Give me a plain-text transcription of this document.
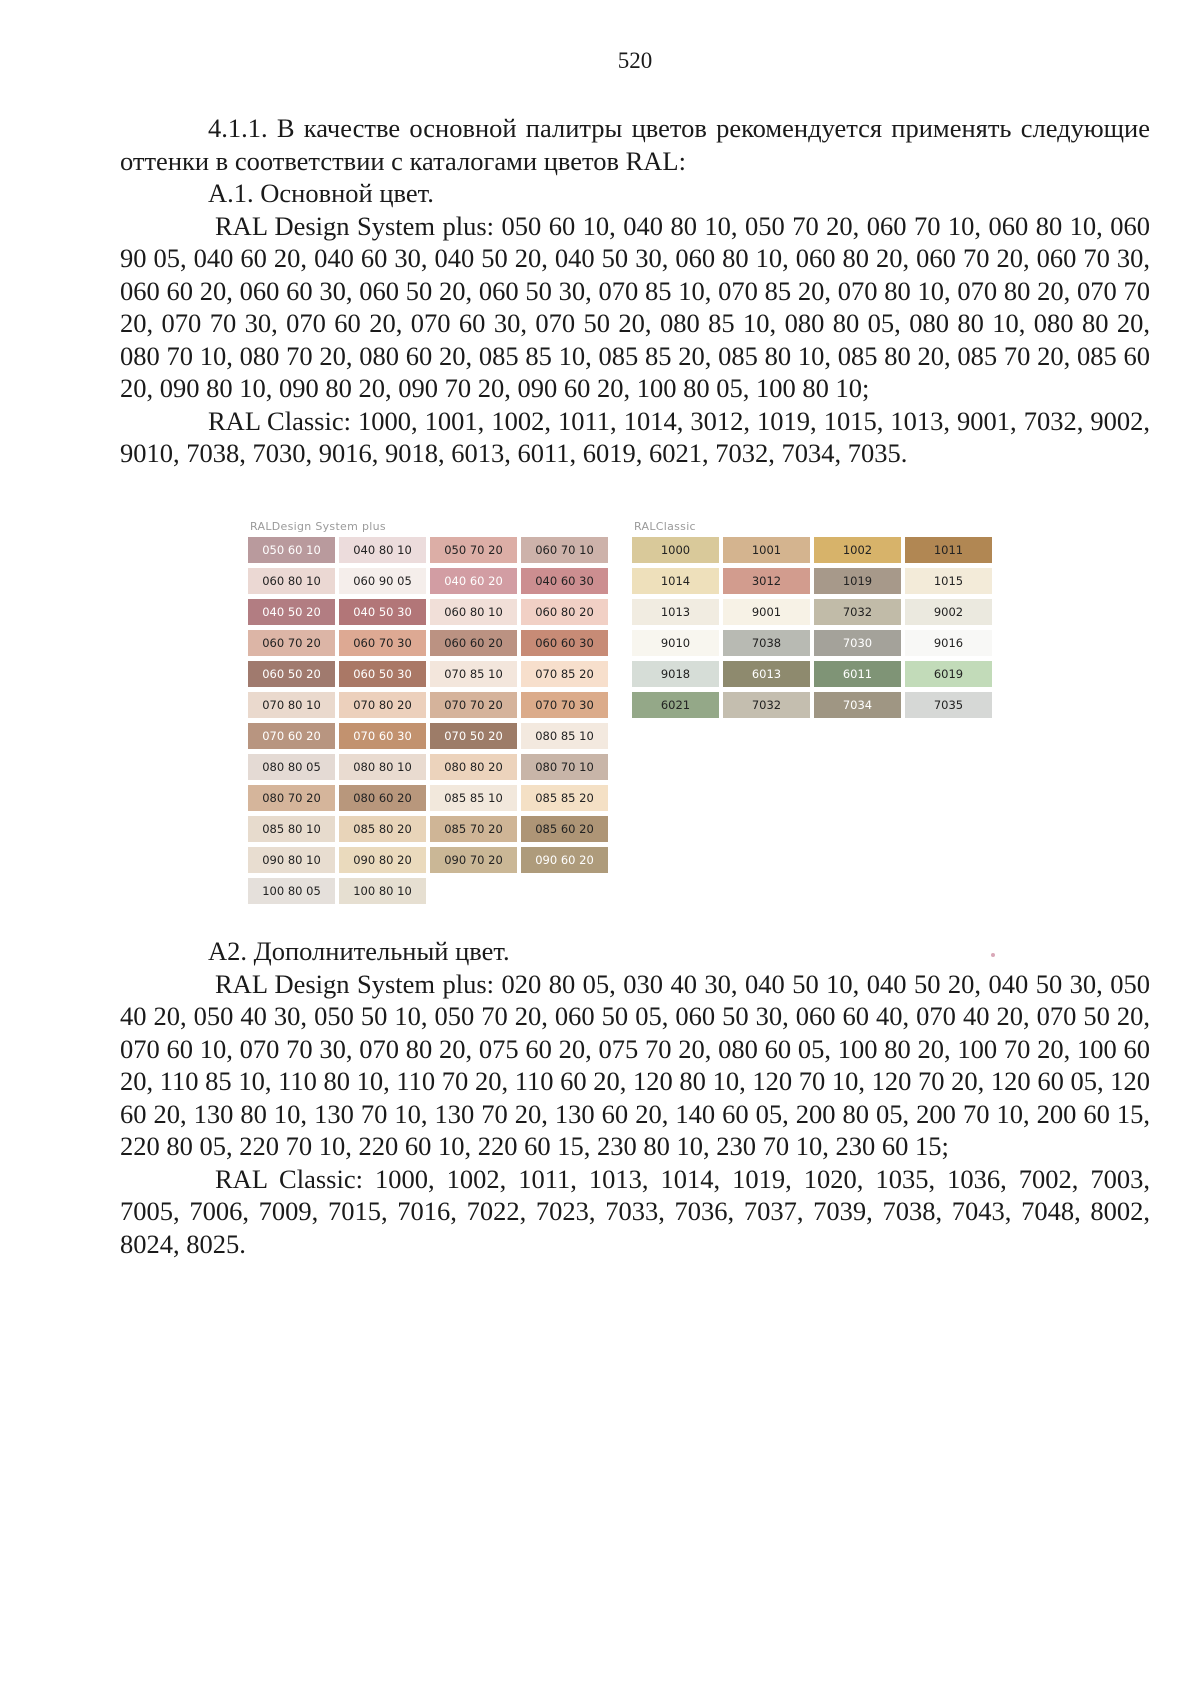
520

4.1.1. В качестве основной палитры цветов рекомендуется применять следующие оттенки в соответствии с каталогами цветов RAL:

А.1. Основной цвет.

RAL Design System plus: 050 60 10, 040 80 10, 050 70 20, 060 70 10, 060 80 10, 060 90 05, 040 60 20, 040 60 30, 040 50 20, 040 50 30, 060 80 10, 060 80 20, 060 70 20, 060 70 30, 060 60 20, 060 60 30, 060 50 20, 060 50 30, 070 85 10, 070 85 20, 070 80 10, 070 80 20, 070 70 20, 070 70 30, 070 60 20, 070 60 30, 070 50 20, 080 85 10, 080 80 05, 080 80 10, 080 80 20, 080 70 10, 080 70 20, 080 60 20, 085 85 10, 085 85 20, 085 80 10, 085 80 20, 085 70 20, 085 60 20, 090 80 10, 090 80 20, 090 70 20, 090 60 20, 100 80 05, 100 80 10;

RAL Classic: 1000, 1001, 1002, 1011, 1014, 3012, 1019, 1015, 1013, 9001, 7032, 9002, 9010, 7038, 7030, 9016, 9018, 6013, 6011, 6019, 6021, 7032, 7034, 7035.

RALDesign System plus
050 60 10	040 80 10	050 70 20	060 70 10
060 80 10	060 90 05	040 60 20	040 60 30
040 50 20	040 50 30	060 80 10	060 80 20
060 70 20	060 70 30	060 60 20	060 60 30
060 50 20	060 50 30	070 85 10	070 85 20
070 80 10	070 80 20	070 70 20	070 70 30
070 60 20	070 60 30	070 50 20	080 85 10
080 80 05	080 80 10	080 80 20	080 70 10
080 70 20	080 60 20	085 85 10	085 85 20
085 80 10	085 80 20	085 70 20	085 60 20
090 80 10	090 80 20	090 70 20	090 60 20
100 80 05	100 80 10
RALClassic
1000	1001	1002	1011
1014	3012	1019	1015
1013	9001	7032	9002
9010	7038	7030	9016
9018	6013	6011	6019
6021	7032	7034	7035

А2. Дополнительный цвет.

RAL Design System plus: 020 80 05, 030 40 30, 040 50 10, 040 50 20, 040 50 30, 050 40 20, 050 40 30, 050 50 10, 050 70 20, 060 50 05, 060 50 30, 060 60 40, 070 40 20, 070 50 20, 070 60 10, 070 70 30, 070 80 20, 075 60 20, 075 70 20, 080 60 05, 100 80 20, 100 70 20, 100 60 20, 110 85 10, 110 80 10, 110 70 20, 110 60 20, 120 80 10, 120 70 10, 120 70 20, 120 60 05, 120 60 20, 130 80 10, 130 70 10, 130 70 20, 130 60 20, 140 60 05, 200 80 05, 200 70 10, 200 60 15, 220 80 05, 220 70 10, 220 60 10, 220 60 15, 230 80 10, 230 70 10, 230 60 15;

RAL Classic: 1000, 1002, 1011, 1013, 1014, 1019, 1020, 1035, 1036, 7002, 7003, 7005, 7006, 7009, 7015, 7016, 7022, 7023, 7033, 7036, 7037, 7039, 7038, 7043, 7048, 8002, 8024, 8025.
